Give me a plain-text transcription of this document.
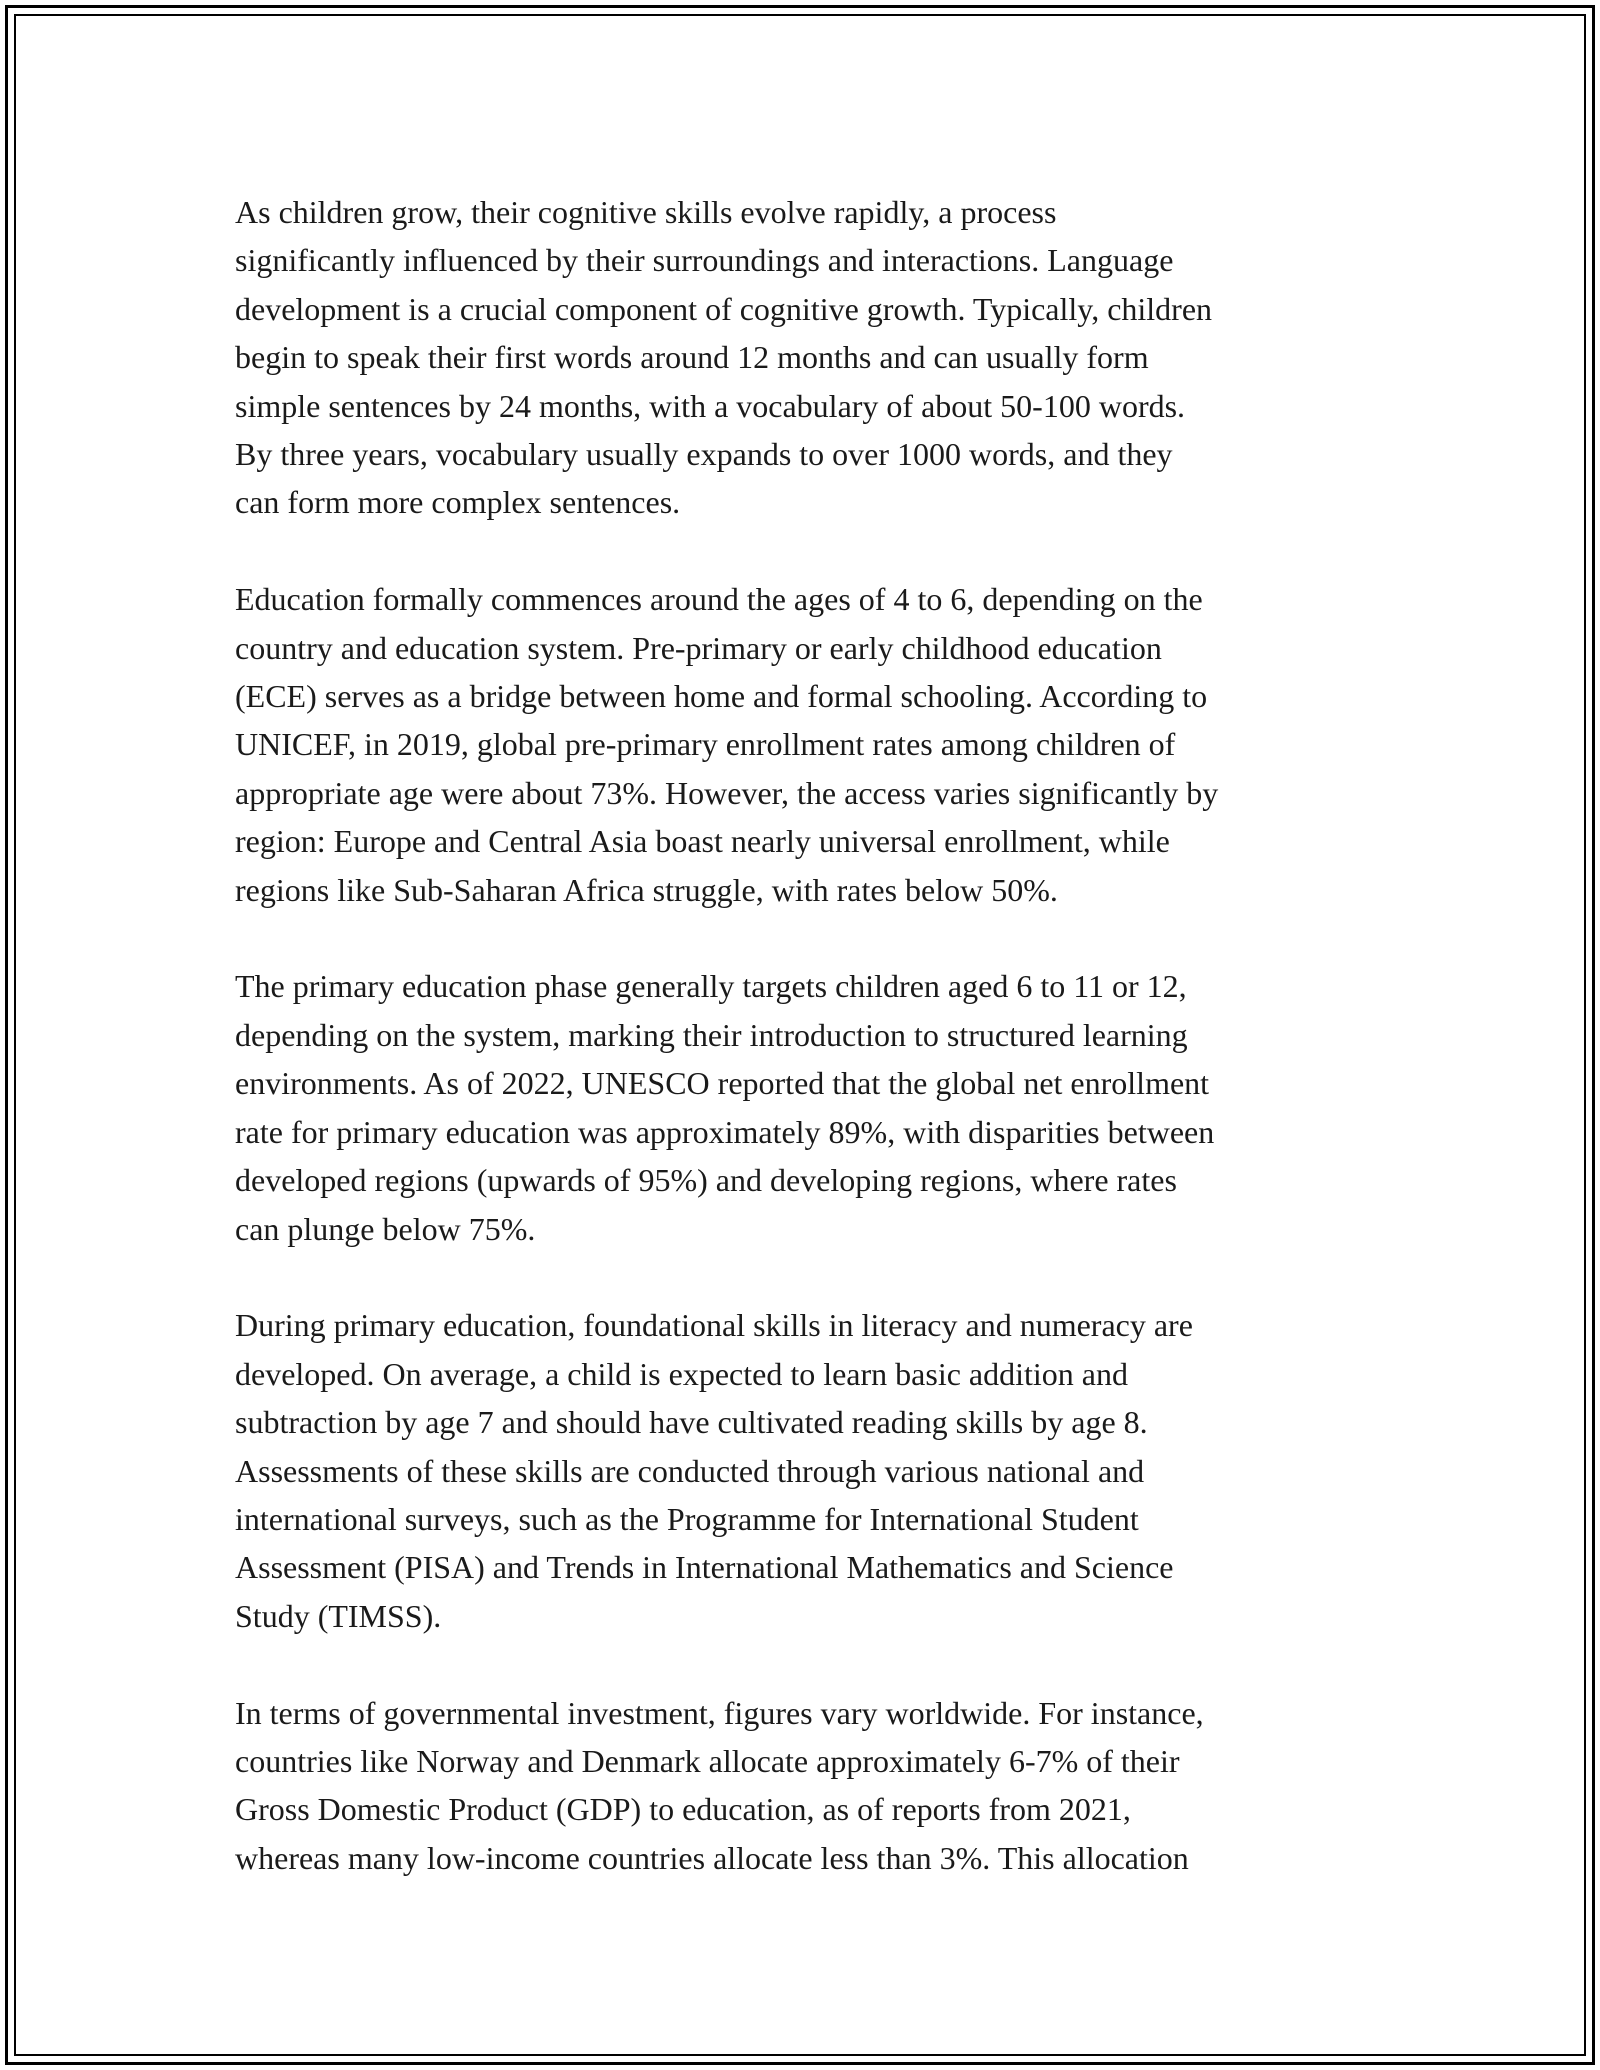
As children grow, their cognitive skills evolve rapidly, a process
significantly influenced by their surroundings and interactions. Language
development is a crucial component of cognitive growth. Typically, children
begin to speak their first words around 12 months and can usually form
simple sentences by 24 months, with a vocabulary of about 50-100 words.
By three years, vocabulary usually expands to over 1000 words, and they
can form more complex sentences.

Education formally commences around the ages of 4 to 6, depending on the
country and education system. Pre-primary or early childhood education
(ECE) serves as a bridge between home and formal schooling. According to
UNICEF, in 2019, global pre-primary enrollment rates among children of
appropriate age were about 73%. However, the access varies significantly by
region: Europe and Central Asia boast nearly universal enrollment, while
regions like Sub-Saharan Africa struggle, with rates below 50%.

The primary education phase generally targets children aged 6 to 11 or 12,
depending on the system, marking their introduction to structured learning
environments. As of 2022, UNESCO reported that the global net enrollment
rate for primary education was approximately 89%, with disparities between
developed regions (upwards of 95%) and developing regions, where rates
can plunge below 75%.

During primary education, foundational skills in literacy and numeracy are
developed. On average, a child is expected to learn basic addition and
subtraction by age 7 and should have cultivated reading skills by age 8.
Assessments of these skills are conducted through various national and
international surveys, such as the Programme for International Student
Assessment (PISA) and Trends in International Mathematics and Science
Study (TIMSS).

In terms of governmental investment, figures vary worldwide. For instance,
countries like Norway and Denmark allocate approximately 6-7% of their
Gross Domestic Product (GDP) to education, as of reports from 2021,
whereas many low-income countries allocate less than 3%. This allocation
